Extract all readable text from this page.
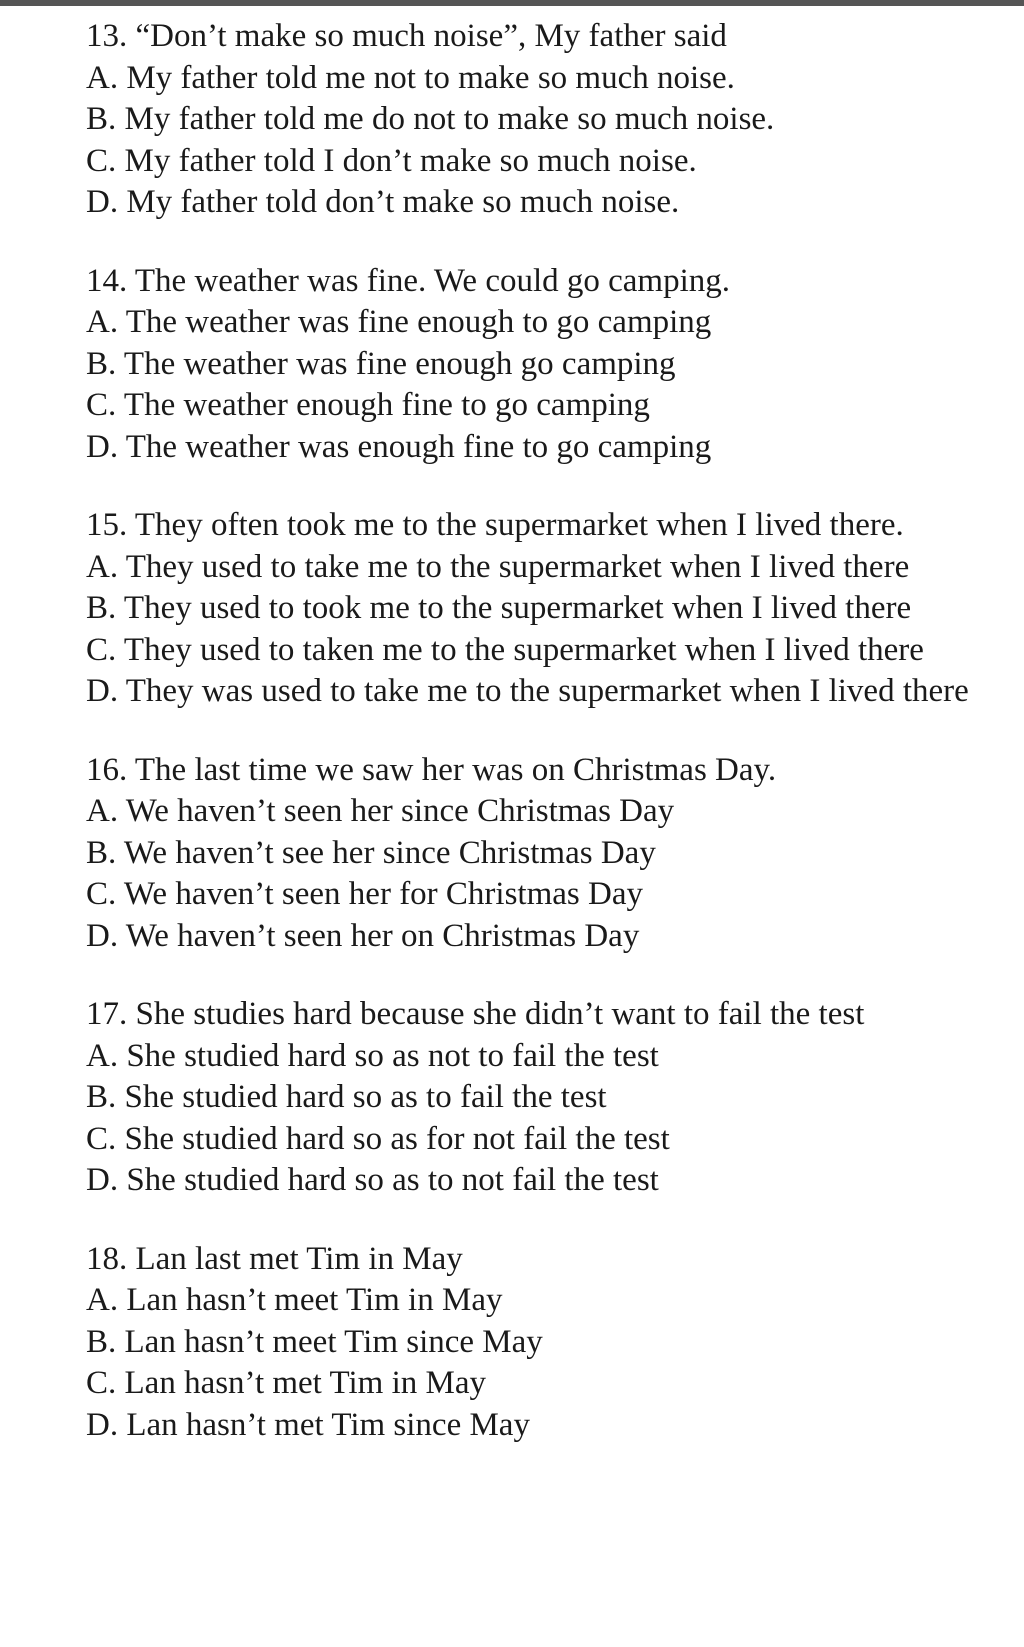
13. “Don’t make so much noise”, My father said
A. My father told me not to make so much noise.
B. My father told me do not to make so much noise.
C. My father told I don’t make so much noise.
D. My father told don’t make so much noise.
14. The weather was fine. We could go camping.
A. The weather was fine enough to go camping
B. The weather was fine enough go camping
C. The weather enough fine to go camping
D. The weather was enough fine to go camping
15. They often took me to the supermarket when I lived there.
A. They used to take me to the supermarket when I lived there
B. They used to took me to the supermarket when I lived there
C. They used to taken me to the supermarket when I lived there
D. They was used to take me to the supermarket when I lived there
16. The last time we saw her was on Christmas Day.
A. We haven’t seen her since Christmas Day
B. We haven’t see her since Christmas Day
C. We haven’t seen her for Christmas Day
D. We haven’t seen her on Christmas Day
17. She studies hard because she didn’t want to fail the test
A. She studied hard so as not to fail the test
B. She studied hard so as to fail the test
C. She studied hard so as for not fail the test
D. She studied hard so as to not fail the test
18. Lan last met Tim in May
A. Lan hasn’t meet Tim in May
B. Lan hasn’t meet Tim since May
C. Lan hasn’t met Tim in May
D. Lan hasn’t met Tim since May
